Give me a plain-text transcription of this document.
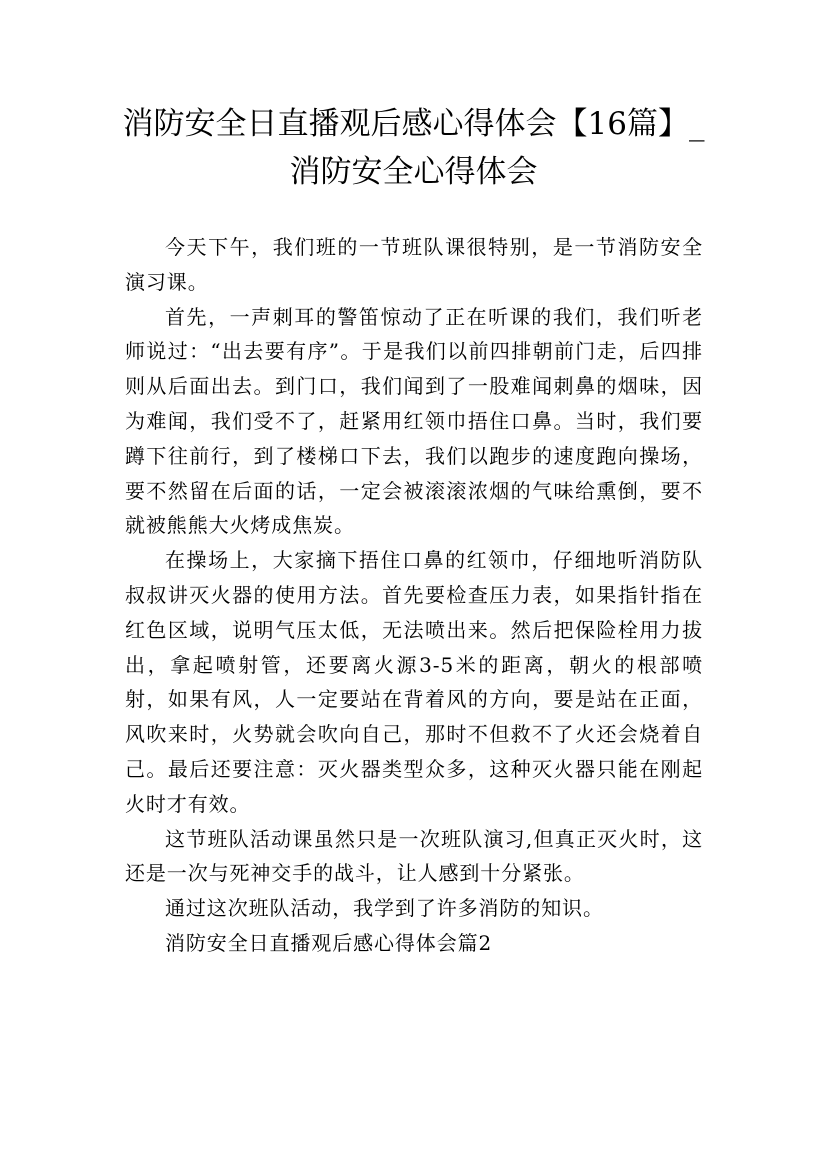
消防安全日直播观后感心得体会【16篇】_
消防安全心得体会

今天下午，我们班的一节班队课很特别，是一节消防安全演习课。

首先，一声刺耳的警笛惊动了正在听课的我们，我们听老师说过：“出去要有序”。于是我们以前四排朝前门走，后四排则从后面出去。到门口，我们闻到了一股难闻刺鼻的烟味，因为难闻，我们受不了，赶紧用红领巾捂住口鼻。当时，我们要蹲下往前行，到了楼梯口下去，我们以跑步的速度跑向操场，要不然留在后面的话，一定会被滚滚浓烟的气味给熏倒，要不就被熊熊大火烤成焦炭。

在操场上，大家摘下捂住口鼻的红领巾，仔细地听消防队叔叔讲灭火器的使用方法。首先要检查压力表，如果指针指在红色区域，说明气压太低，无法喷出来。然后把保险栓用力拔出，拿起喷射管，还要离火源3-5米的距离，朝火的根部喷射，如果有风，人一定要站在背着风的方向，要是站在正面，风吹来时，火势就会吹向自己，那时不但救不了火还会烧着自己。最后还要注意：灭火器类型众多，这种灭火器只能在刚起火时才有效。

这节班队活动课虽然只是一次班队演习,但真正灭火时，这还是一次与死神交手的战斗，让人感到十分紧张。

通过这次班队活动，我学到了许多消防的知识。

消防安全日直播观后感心得体会篇2
